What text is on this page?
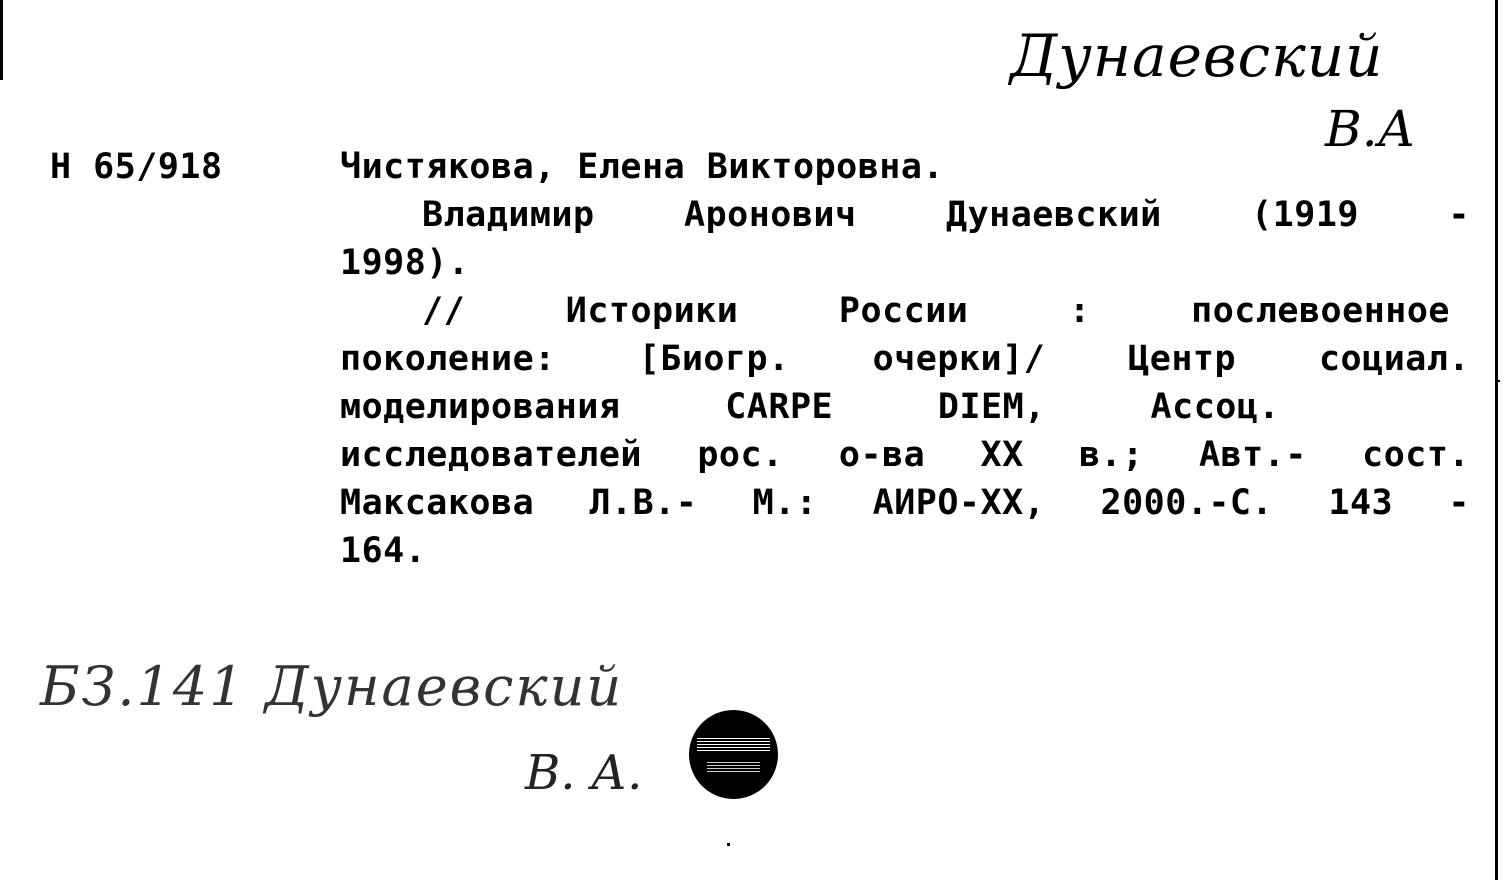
Дунаевский
В.А
Н 65/918	Чистякова, Елена Викторовна.
Владимир	Аронович	Дунаевский	(1919	-
1998).
//	Историки	России	:	послевоенное
поколение: [Биогр. очерки]/ Центр социал.
моделирования	CARPE	DIEM,	Ассоц.
исследователей рос. о-ва XX в.; Авт.- сост.
Максакова Л.В.- М.: АИРО-XX, 2000.-С. 143 -
164.
БЗ.141 Дунаевский
В. А.
